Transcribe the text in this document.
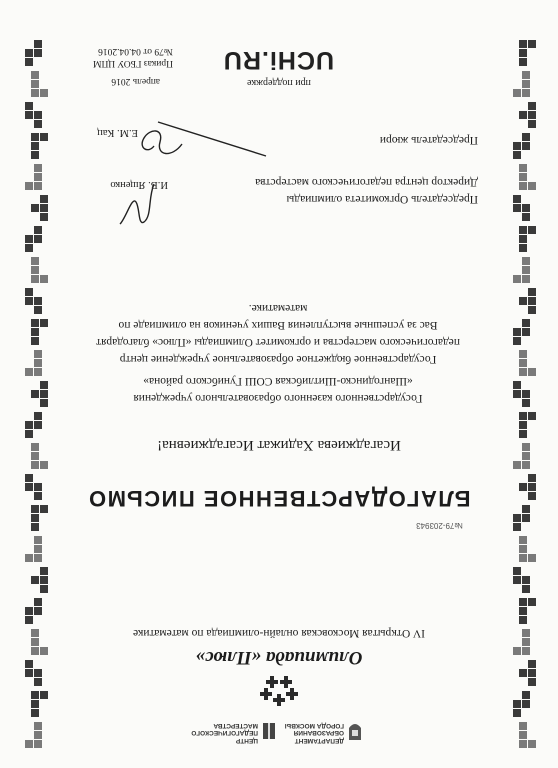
ДЕПАРТАМЕНТ ОБРАЗОВАНИЯ ГОРОДА МОСКВЫ
ЦЕНТР ПЕДАГОГИЧЕСКОГО МАСТЕРСТВА
Олимпиада «Плюс»
IV Открытая Московская онлайн-олимпиада по математике
№79-203943
БЛАГОДАРСТВЕННОЕ ПИСЬМО
Исагаджиева Хадижат Исагаджиевна!
Государственного казенного образовательного учреждения
«Шангодинско-Шитлибская СОШ Гунибского района»
Государственное бюджетное образовательное учреждение центр
педагогического мастерства и оргкомитет Олимпиады «Плюс» благодарят
Вас за успешные выступления Ваших учеников на олимпиаде по
математике.
Председатель Оргкомитета олимпиады
Директор центра педагогического мастерства
И.В. Ященко
Председатель жюри
Е.М. Кац
при поддержке
UCHi.RU
Приказ ГБОУ ЦПМ
№79 от 04.04.2016
апрель 2016
